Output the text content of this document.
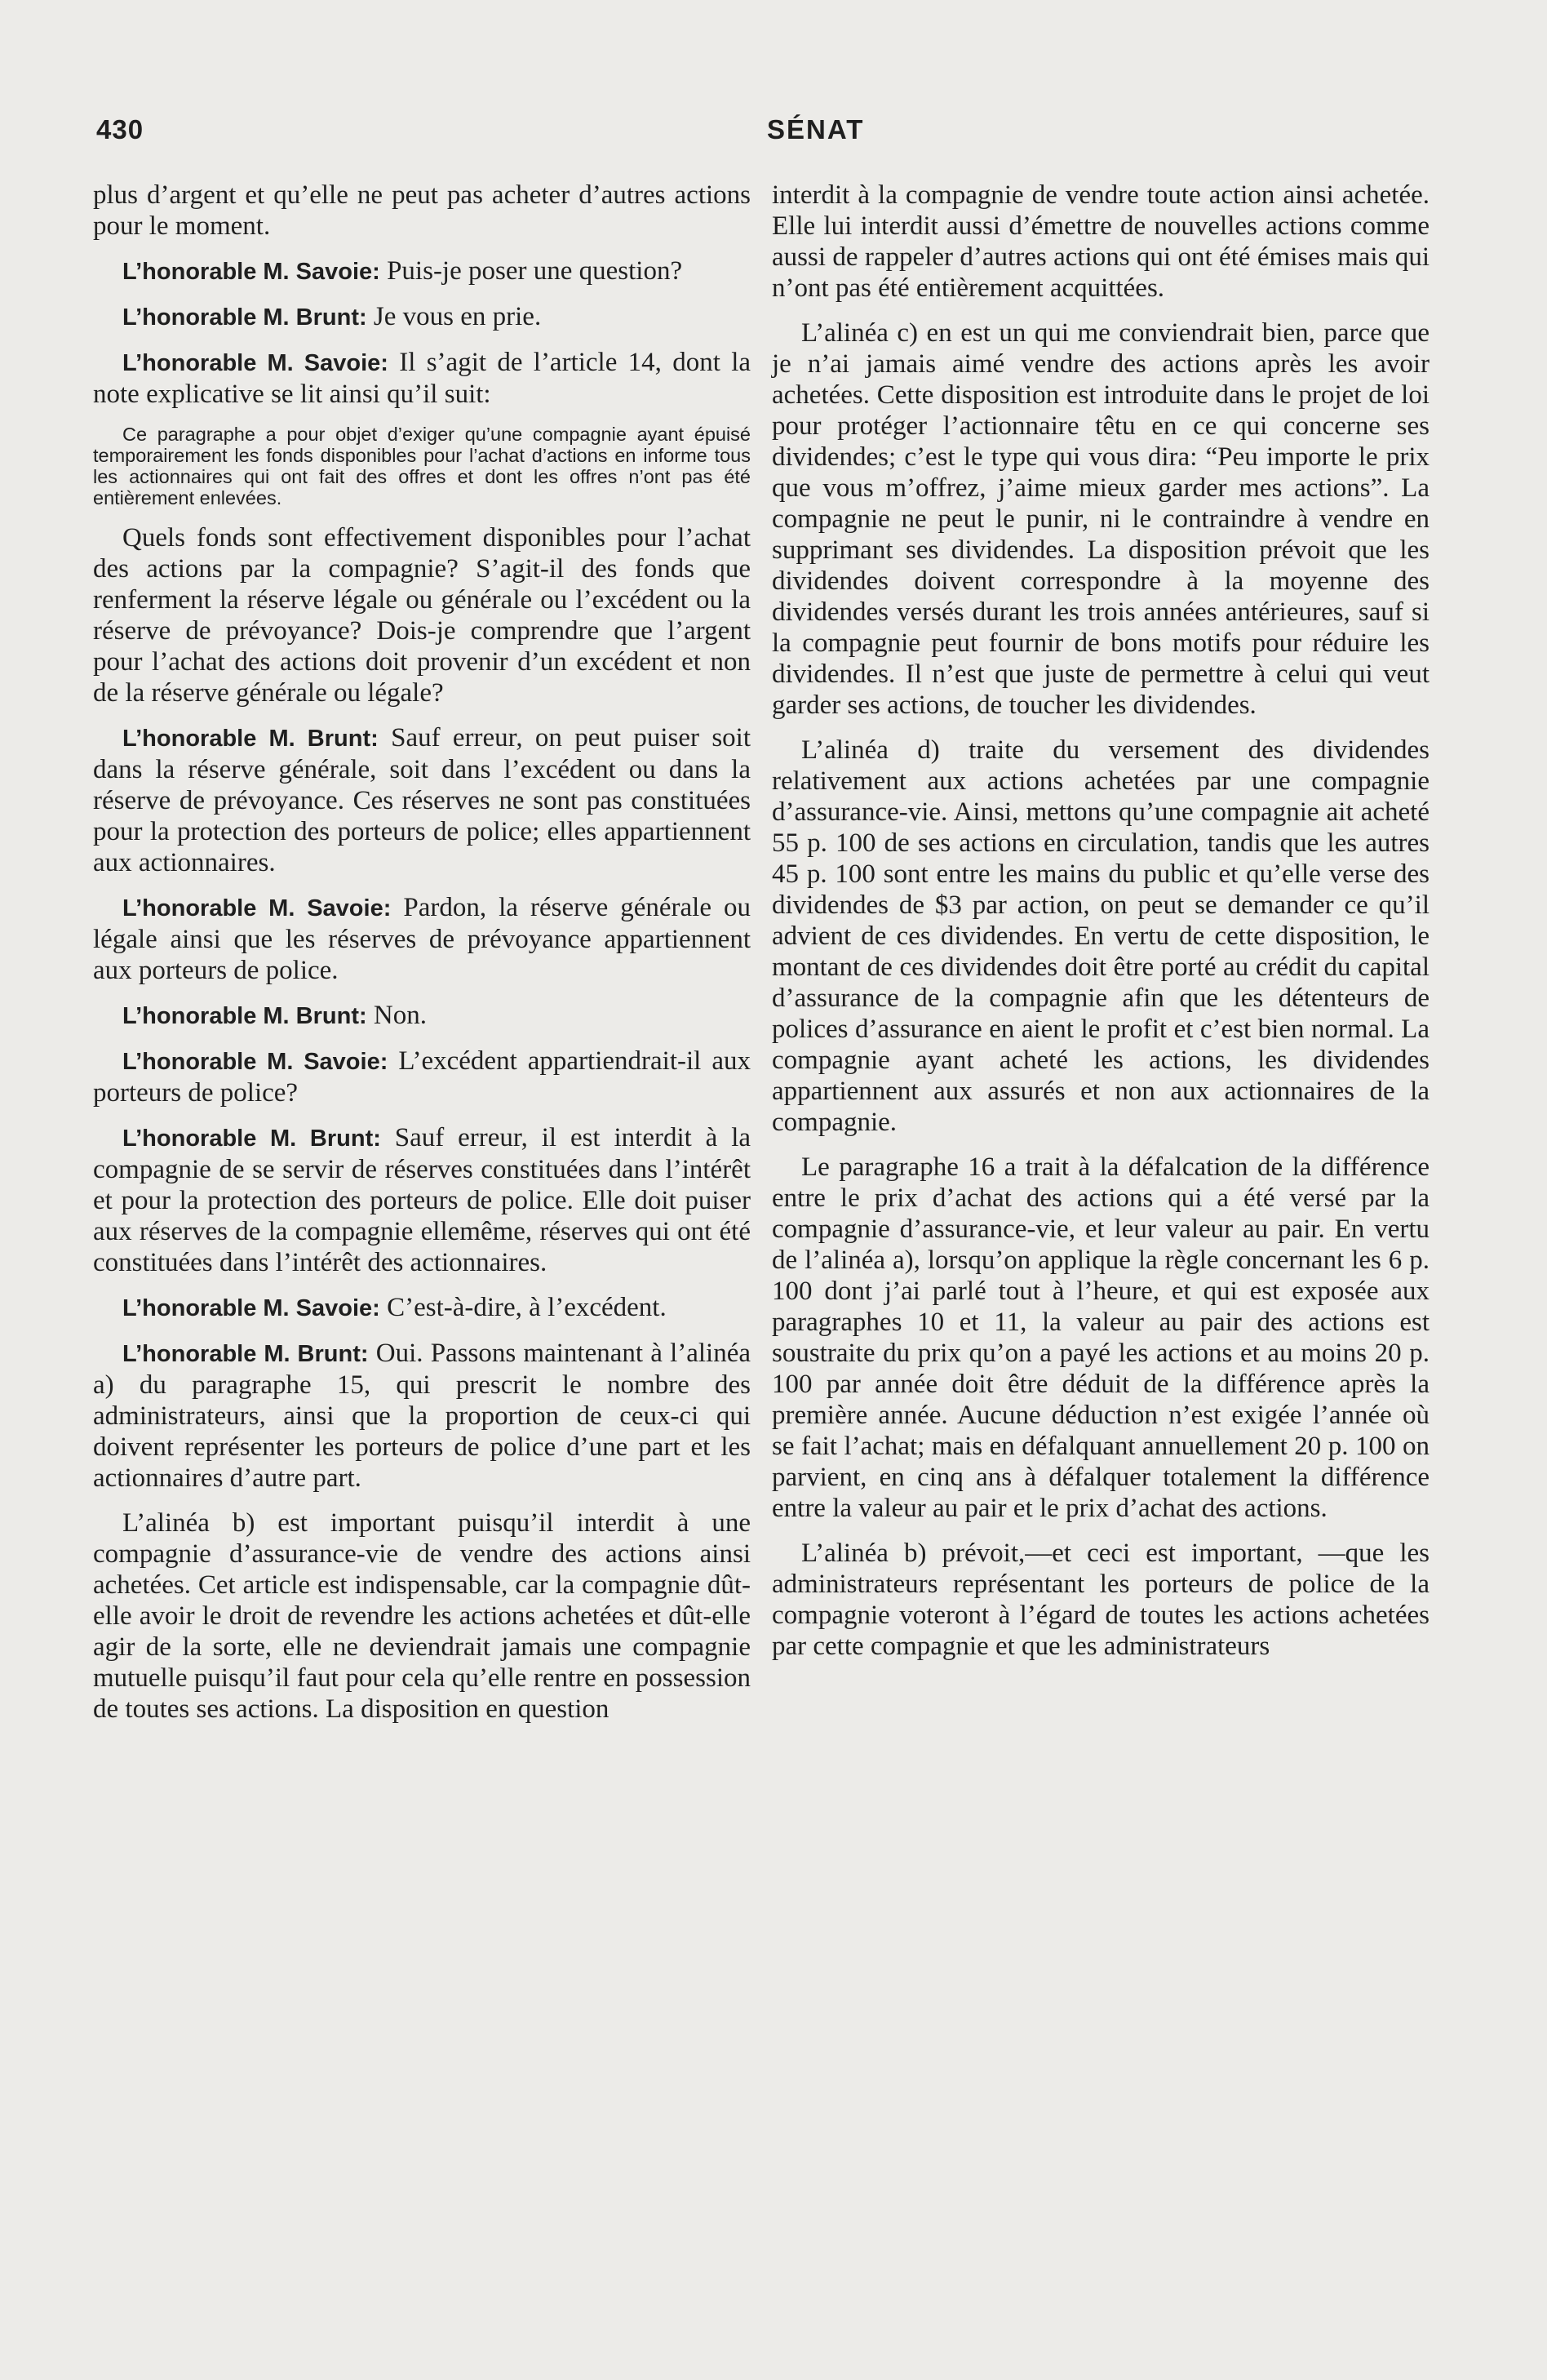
430	SÉNAT

plus d’argent et qu’elle ne peut pas acheter d’autres actions pour le moment.

L’honorable M. Savoie: Puis-je poser une question?

L’honorable M. Brunt: Je vous en prie.

L’honorable M. Savoie: Il s’agit de l’article 14, dont la note explicative se lit ainsi qu’il suit:

Ce paragraphe a pour objet d’exiger qu’une compagnie ayant épuisé temporairement les fonds disponibles pour l’achat d’actions en informe tous les actionnaires qui ont fait des offres et dont les offres n’ont pas été entièrement enlevées.

Quels fonds sont effectivement disponibles pour l’achat des actions par la compagnie? S’agit-il des fonds que renferment la réserve légale ou générale ou l’excédent ou la réserve de prévoyance? Dois-je comprendre que l’argent pour l’achat des actions doit provenir d’un excédent et non de la réserve générale ou légale?

L’honorable M. Brunt: Sauf erreur, on peut puiser soit dans la réserve générale, soit dans l’excédent ou dans la réserve de prévoyance. Ces réserves ne sont pas constituées pour la protection des porteurs de police; elles appartiennent aux actionnaires.

L’honorable M. Savoie: Pardon, la réserve générale ou légale ainsi que les réserves de prévoyance appartiennent aux porteurs de police.

L’honorable M. Brunt: Non.

L’honorable M. Savoie: L’excédent appartiendrait-il aux porteurs de police?

L’honorable M. Brunt: Sauf erreur, il est interdit à la compagnie de se servir de réserves constituées dans l’intérêt et pour la protection des porteurs de police. Elle doit puiser aux réserves de la compagnie ellemême, réserves qui ont été constituées dans l’intérêt des actionnaires.

L’honorable M. Savoie: C’est-à-dire, à l’excédent.

L’honorable M. Brunt: Oui. Passons maintenant à l’alinéa a) du paragraphe 15, qui prescrit le nombre des administrateurs, ainsi que la proportion de ceux-ci qui doivent représenter les porteurs de police d’une part et les actionnaires d’autre part.

L’alinéa b) est important puisqu’il interdit à une compagnie d’assurance-vie de vendre des actions ainsi achetées. Cet article est indispensable, car la compagnie dût-elle avoir le droit de revendre les actions achetées et dût-elle agir de la sorte, elle ne deviendrait jamais une compagnie mutuelle puisqu’il faut pour cela qu’elle rentre en possession de toutes ses actions. La disposition en question

interdit à la compagnie de vendre toute action ainsi achetée. Elle lui interdit aussi d’émettre de nouvelles actions comme aussi de rappeler d’autres actions qui ont été émises mais qui n’ont pas été entièrement acquittées.

L’alinéa c) en est un qui me conviendrait bien, parce que je n’ai jamais aimé vendre des actions après les avoir achetées. Cette disposition est introduite dans le projet de loi pour protéger l’actionnaire têtu en ce qui concerne ses dividendes; c’est le type qui vous dira: “Peu importe le prix que vous m’offrez, j’aime mieux garder mes actions”. La compagnie ne peut le punir, ni le contraindre à vendre en supprimant ses dividendes. La disposition prévoit que les dividendes doivent correspondre à la moyenne des dividendes versés durant les trois années antérieures, sauf si la compagnie peut fournir de bons motifs pour réduire les dividendes. Il n’est que juste de permettre à celui qui veut garder ses actions, de toucher les dividendes.

L’alinéa d) traite du versement des dividendes relativement aux actions achetées par une compagnie d’assurance-vie. Ainsi, mettons qu’une compagnie ait acheté 55 p. 100 de ses actions en circulation, tandis que les autres 45 p. 100 sont entre les mains du public et qu’elle verse des dividendes de $3 par action, on peut se demander ce qu’il advient de ces dividendes. En vertu de cette disposition, le montant de ces dividendes doit être porté au crédit du capital d’assurance de la compagnie afin que les détenteurs de polices d’assurance en aient le profit et c’est bien normal. La compagnie ayant acheté les actions, les dividendes appartiennent aux assurés et non aux actionnaires de la compagnie.

Le paragraphe 16 a trait à la défalcation de la différence entre le prix d’achat des actions qui a été versé par la compagnie d’assurance-vie, et leur valeur au pair. En vertu de l’alinéa a), lorsqu’on applique la règle concernant les 6 p. 100 dont j’ai parlé tout à l’heure, et qui est exposée aux paragraphes 10 et 11, la valeur au pair des actions est soustraite du prix qu’on a payé les actions et au moins 20 p. 100 par année doit être déduit de la différence après la première année. Aucune déduction n’est exigée l’année où se fait l’achat; mais en défalquant annuellement 20 p. 100 on parvient, en cinq ans à défalquer totalement la différence entre la valeur au pair et le prix d’achat des actions.

L’alinéa b) prévoit,—et ceci est important, —que les administrateurs représentant les porteurs de police de la compagnie voteront à l’égard de toutes les actions achetées par cette compagnie et que les administrateurs
